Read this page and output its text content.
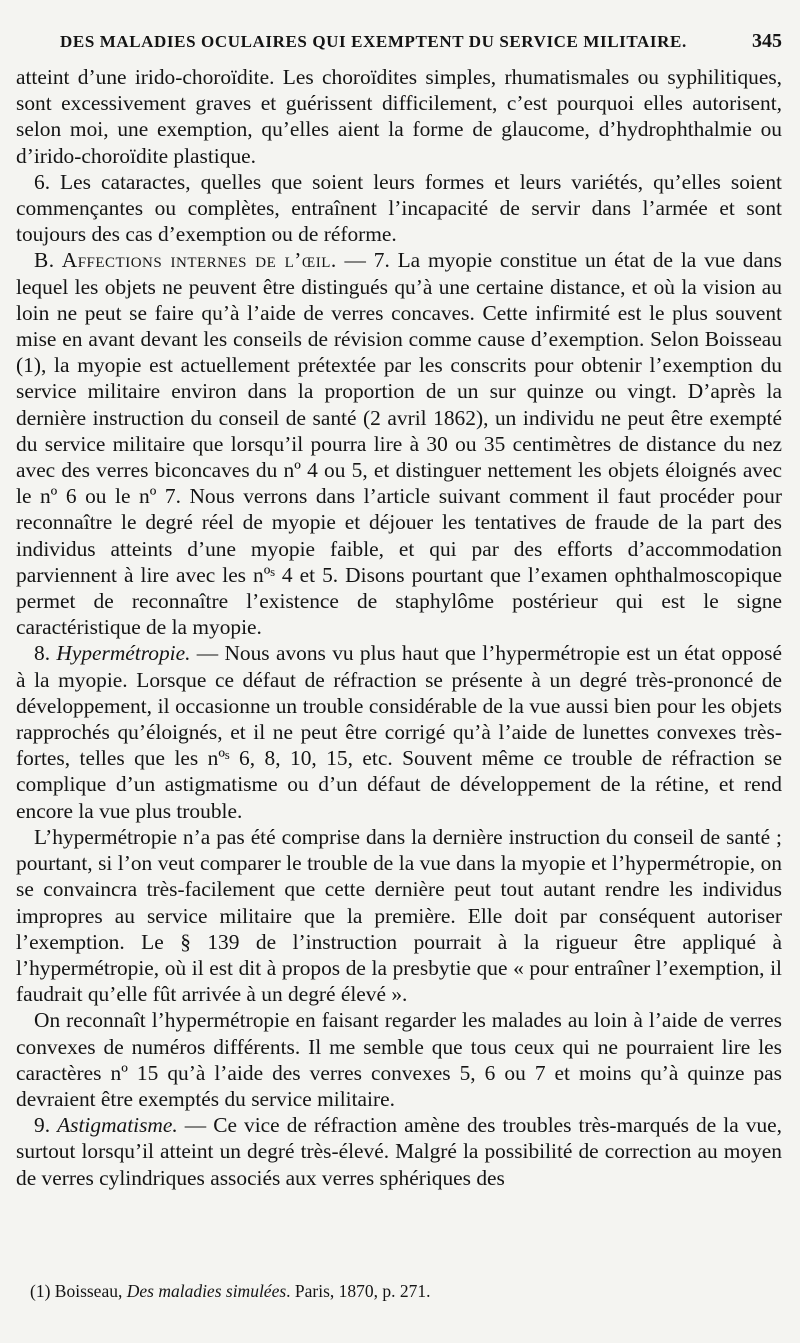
DES MALADIES OCULAIRES QUI EXEMPTENT DU SERVICE MILITAIRE.	345

atteint d’une irido-choroïdite. Les choroïdites simples, rhumatismales ou syphilitiques, sont excessivement graves et guérissent difficilement, c’est pourquoi elles autorisent, selon moi, une exemption, qu’elles aient la forme de glaucome, d’hydrophthalmie ou d’irido-choroïdite plastique.

6. Les cataractes, quelles que soient leurs formes et leurs variétés, qu’elles soient commençantes ou complètes, entraînent l’incapacité de servir dans l’armée et sont toujours des cas d’exemption ou de réforme.

B. Affections internes de l’œil. — 7. La myopie constitue un état de la vue dans lequel les objets ne peuvent être distingués qu’à une certaine distance, et où la vision au loin ne peut se faire qu’à l’aide de verres concaves. Cette infirmité est le plus souvent mise en avant devant les conseils de révision comme cause d’exemption. Selon Boisseau (1), la myopie est actuellement prétextée par les conscrits pour obtenir l’exemption du service militaire environ dans la proportion de un sur quinze ou vingt. D’après la dernière instruction du conseil de santé (2 avril 1862), un individu ne peut être exempté du service militaire que lorsqu’il pourra lire à 30 ou 35 centimètres de distance du nez avec des verres biconcaves du nº 4 ou 5, et distinguer nettement les objets éloignés avec le nº 6 ou le nº 7. Nous verrons dans l’article suivant comment il faut procéder pour reconnaître le degré réel de myopie et déjouer les tentatives de fraude de la part des individus atteints d’une myopie faible, et qui par des efforts d’accommodation parviennent à lire avec les nºˢ 4 et 5. Disons pourtant que l’examen ophthalmoscopique permet de reconnaître l’existence de staphylôme postérieur qui est le signe caractéristique de la myopie.

8. Hypermétropie. — Nous avons vu plus haut que l’hypermétropie est un état opposé à la myopie. Lorsque ce défaut de réfraction se présente à un degré très-prononcé de développement, il occasionne un trouble considérable de la vue aussi bien pour les objets rapprochés qu’éloignés, et il ne peut être corrigé qu’à l’aide de lunettes convexes très-fortes, telles que les nºˢ 6, 8, 10, 15, etc. Souvent même ce trouble de réfraction se complique d’un astigmatisme ou d’un défaut de développement de la rétine, et rend encore la vue plus trouble.

L’hypermétropie n’a pas été comprise dans la dernière instruction du conseil de santé ; pourtant, si l’on veut comparer le trouble de la vue dans la myopie et l’hypermétropie, on se convaincra très-facilement que cette dernière peut tout autant rendre les individus impropres au service militaire que la première. Elle doit par conséquent autoriser l’exemption. Le § 139 de l’instruction pourrait à la rigueur être appliqué à l’hypermétropie, où il est dit à propos de la presbytie que « pour entraîner l’exemption, il faudrait qu’elle fût arrivée à un degré élevé ».

On reconnaît l’hypermétropie en faisant regarder les malades au loin à l’aide de verres convexes de numéros différents. Il me semble que tous ceux qui ne pourraient lire les caractères nº 15 qu’à l’aide des verres convexes 5, 6 ou 7 et moins qu’à quinze pas devraient être exemptés du service militaire.

9. Astigmatisme. — Ce vice de réfraction amène des troubles très-marqués de la vue, surtout lorsqu’il atteint un degré très-élevé. Malgré la possibilité de correction au moyen de verres cylindriques associés aux verres sphériques des

(1) Boisseau, Des maladies simulées. Paris, 1870, p. 271.
